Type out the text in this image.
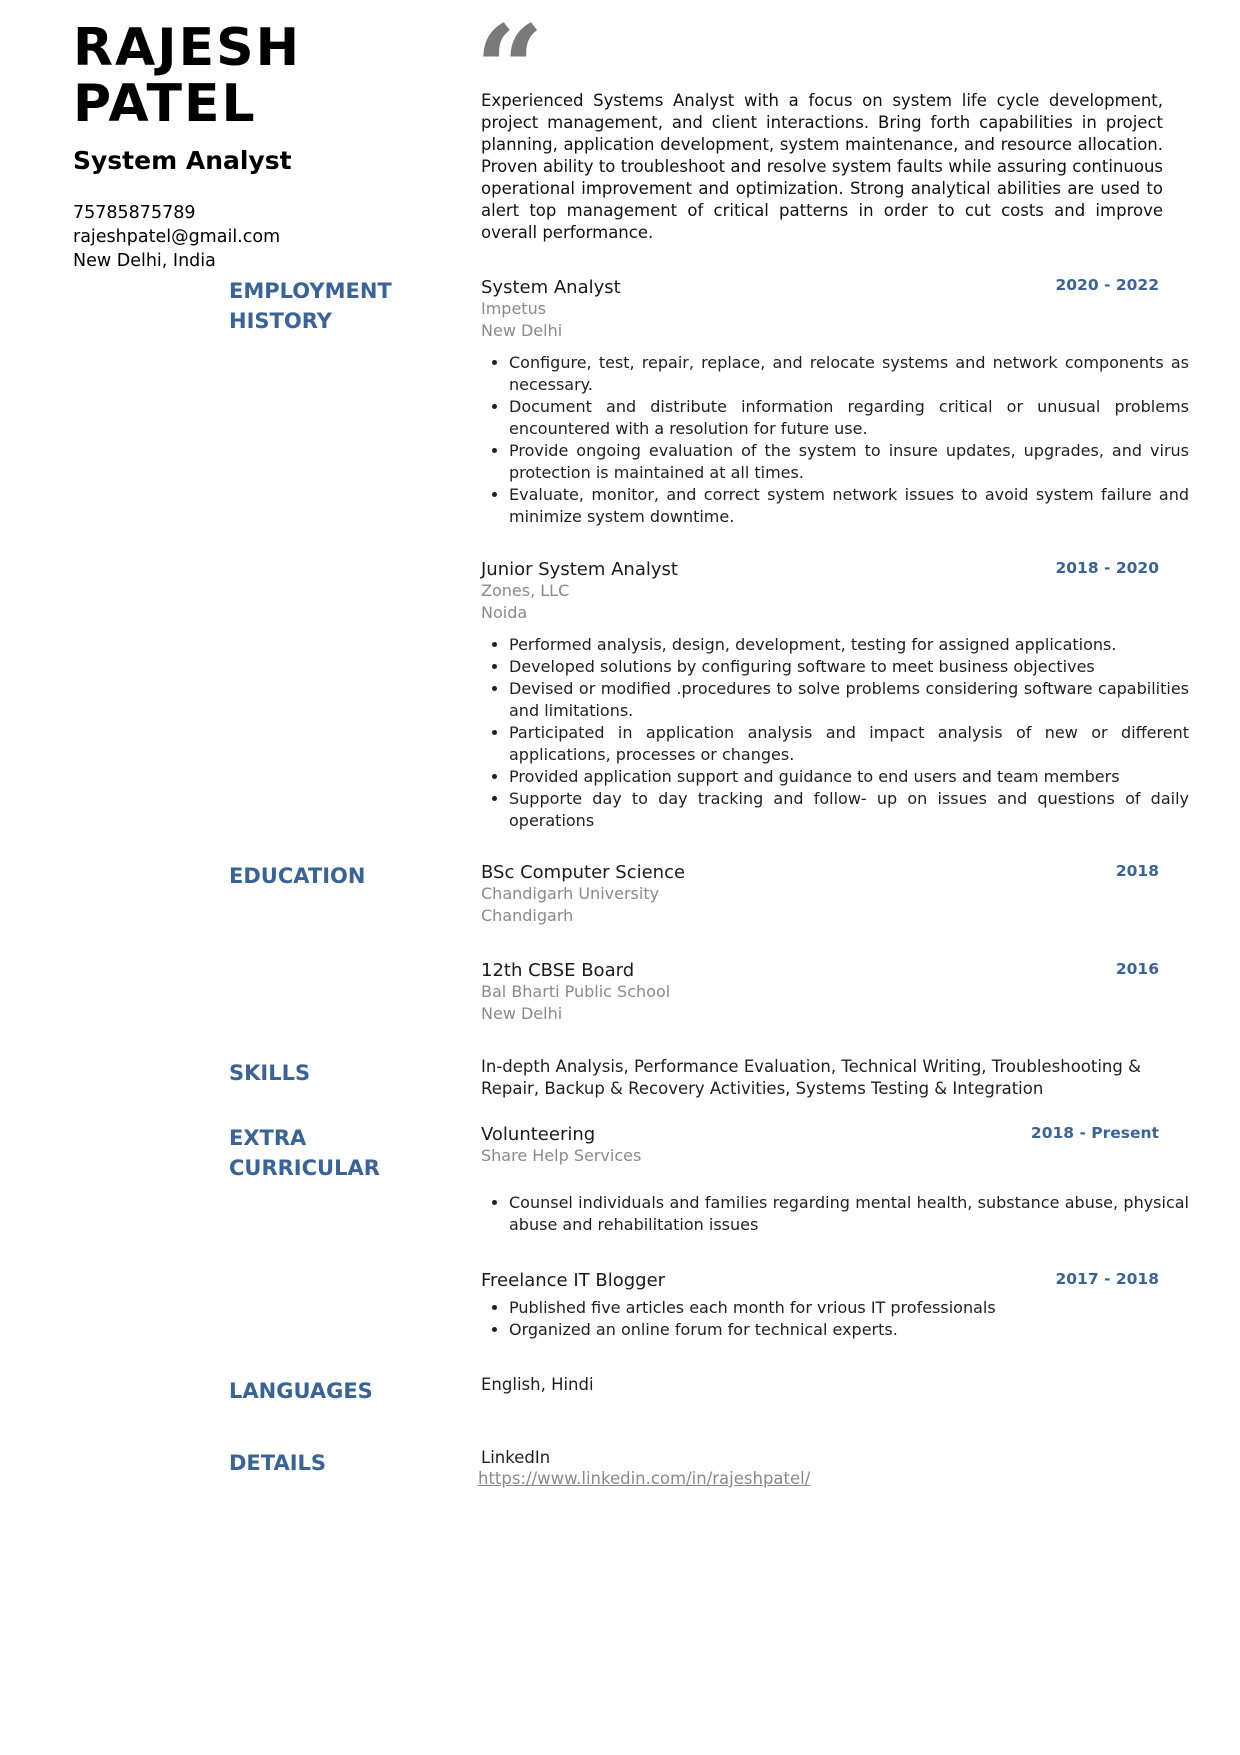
RAJESH
PATEL
System Analyst
75785875789
rajeshpatel@gmail.com
New Delhi, India
“
Experienced Systems Analyst with a focus on system life cycle development, project management, and client interactions. Bring forth capabilities in project planning, application development, system maintenance, and resource allocation. Proven ability to troubleshoot and resolve system faults while assuring continuous operational improvement and optimization. Strong analytical abilities are used to alert top management of critical patterns in order to cut costs and improve overall performance.
EMPLOYMENT
HISTORY
System Analyst	2020 - 2022
Impetus
New Delhi
• Configure, test, repair, replace, and relocate systems and network components as necessary.
• Document and distribute information regarding critical or unusual problems encountered with a resolution for future use.
• Provide ongoing evaluation of the system to insure updates, upgrades, and virus protection is maintained at all times.
• Evaluate, monitor, and correct system network issues to avoid system failure and minimize system downtime.
Junior System Analyst	2018 - 2020
Zones, LLC
Noida
• Performed analysis, design, development, testing for assigned applications.
• Developed solutions by configuring software to meet business objectives
• Devised or modified .procedures to solve problems considering software capabilities and limitations.
• Participated in application analysis and impact analysis of new or different applications, processes or changes.
• Provided application support and guidance to end users and team members
• Supporte day to day tracking and follow- up on issues and questions of daily operations
EDUCATION	BSc Computer Science	2018
Chandigarh University
Chandigarh
12th CBSE Board	2016
Bal Bharti Public School
New Delhi
SKILLS	In-depth Analysis, Performance Evaluation, Technical Writing, Troubleshooting & Repair, Backup & Recovery Activities, Systems Testing & Integration
EXTRA
CURRICULAR
Volunteering	2018 - Present
Share Help Services
• Counsel individuals and families regarding mental health, substance abuse, physical abuse and rehabilitation issues
Freelance IT Blogger	2017 - 2018
• Published five articles each month for vrious IT professionals
• Organized an online forum for technical experts.
LANGUAGES	English, Hindi
DETAILS	LinkedIn
https://www.linkedin.com/in/rajeshpatel/
